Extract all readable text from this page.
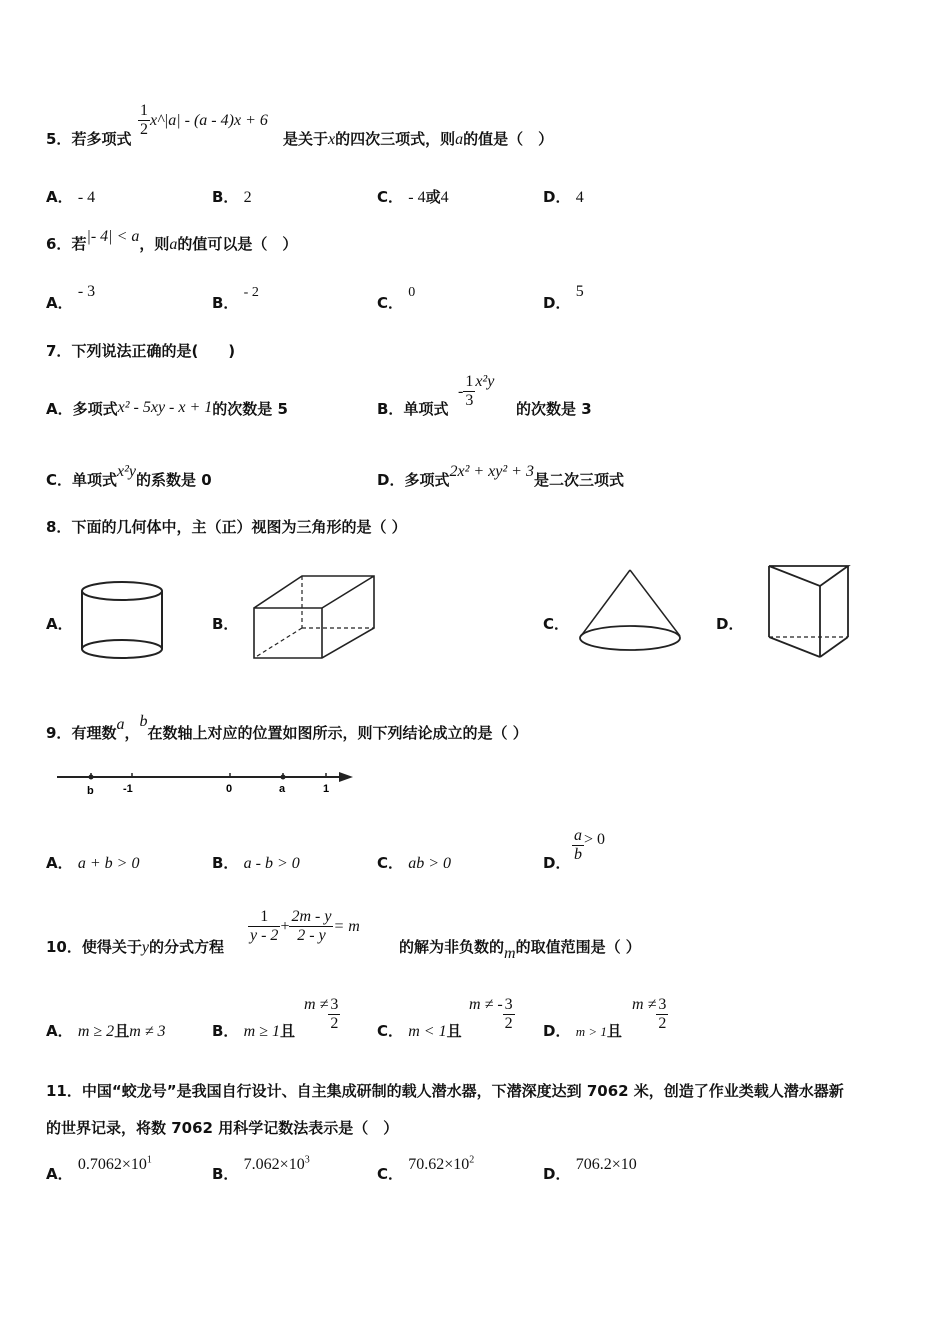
5．若多项式 $\frac{1}{2}$ x^|a| - (a - 4)x + 6
是关于x的四次三项式，则a的值是（　）
A． - 4	B． 2	C． - 4或4	D． 4
6．若|- 4| < a，则a的值可以是（　）
A． - 3
B． - 2
C． 0
D． 5
7．下列说法正确的是(　　)
A．多项式x² - 5xy - x + 1的次数是 5	B．单项式
- $\frac{1}{3} x^2y$
的次数是 3
C．单项式x²y的系数是 0	D．多项式2x² + xy² + 3是二次三项式
8．下面的几何体中，主（正）视图为三角形的是（ ）
A．	B．	C．	D．
9．有理数a，b在数轴上对应的位置如图所示，则下列结论成立的是（ ）
b	-1	0	a	1
A． a + b > 0	B． a - b > 0	C． ab > 0	D． $\frac{a}{b} > 0$
10．使得关于y的分式方程
$\frac{1}{y - 2} + \frac{2m - y}{2 - y} = m$
的解为非负数的m的取值范围是（ ）
A． m ≥ 2且m ≠ 3	B． m ≥ 1且
$m \ne \frac{3}{2}$ C． m < 1且
m ≠ - $\frac{3}{2}$ D． m > 1且
$m \ne \frac{3}{2}$
11．中国“蛟龙号”是我国自行设计、自主集成研制的载人潜水器，下潜深度达到 7062 米，创造了作业类载人潜水器新
的世界记录，将数 7062 用科学记数法表示是（　）
A． $0.7062\times 10^1$
B． $7.062\times 10^3$
C． $70.62\times 10^2$
D． 706.2×10
